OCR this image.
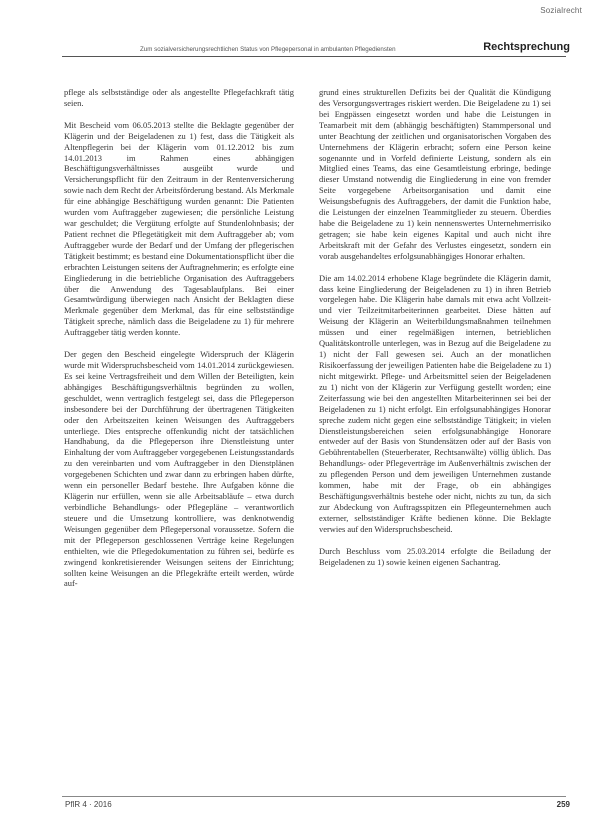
Sozialrecht
Zum sozialversicherungsrechtlichen Status von Pflegepersonal in ambulanten Pflegediensten	Rechtsprechung

pflege als selbstständige oder als angestellte Pflegefachkraft tätig seien.

Mit Bescheid vom 06.05.2013 stellte die Beklagte gegenüber der Klägerin und der Beigeladenen zu 1) fest, dass die Tätigkeit als Altenpflegerin bei der Klägerin vom 01.12.2012 bis zum 14.01.2013 im Rahmen eines abhängigen Beschäftigungsverhältnisses ausgeübt wurde und Versicherungspflicht für den Zeitraum in der Rentenversicherung sowie nach dem Recht der Arbeitsförderung bestand. Als Merkmale für eine abhängige Beschäftigung wurden genannt: Die Patienten wurden vom Auftraggeber zugewiesen; die persönliche Leistung war geschuldet; die Vergütung erfolgte auf Stundenlohnbasis; der Patient rechnet die Pflegetätigkeit mit dem Auftraggeber ab; vom Auftraggeber wurde der Bedarf und der Umfang der pflegerischen Tätigkeit bestimmt; es bestand eine Dokumentationspflicht über die erbrachten Leistungen seitens der Auftragnehmerin; es erfolgte eine Eingliederung in die betriebliche Organisation des Auftraggebers über die Anwendung des Tagesablaufplans. Bei einer Gesamtwürdigung überwiegen nach Ansicht der Beklagten diese Merkmale gegenüber dem Merkmal, das für eine selbstständige Tätigkeit spreche, nämlich dass die Beigeladene zu 1) für mehrere Auftraggeber tätig werden konnte.

Der gegen den Bescheid eingelegte Widerspruch der Klägerin wurde mit Widerspruchsbescheid vom 14.01.2014 zurückgewiesen. Es sei keine Vertragsfreiheit und dem Willen der Beteiligten, kein abhängiges Beschäftigungsverhältnis begründen zu wollen, geschuldet, wenn vertraglich festgelegt sei, dass die Pflegeperson insbesondere bei der Durchführung der übertragenen Tätigkeiten oder den Arbeitszeiten keinen Weisungen des Auftraggebers unterliege. Dies entspreche offenkundig nicht der tatsächlichen Handhabung, da die Pflegeperson ihre Dienstleistung unter Einhaltung der vom Auftraggeber vorgegebenen Leistungsstandards zu den vereinbarten und vom Auftraggeber in den Dienstplänen vorgegebenen Schichten und zwar dann zu erbringen haben dürfte, wenn ein personeller Bedarf bestehe. Ihre Aufgaben könne die Klägerin nur erfüllen, wenn sie alle Arbeitsabläufe – etwa durch verbindliche Behandlungs- oder Pflegepläne – verantwortlich steuere und die Umsetzung kontrolliere, was denknotwendig Weisungen gegenüber dem Pflegepersonal voraussetze. Sofern die mit der Pflegeperson geschlossenen Verträge keine Regelungen enthielten, wie die Pflegedokumentation zu führen sei, bedürfe es zwingend konkretisierender Weisungen seitens der Einrichtung; sollten keine Weisungen an die Pflegekräfte erteilt werden, würde auf-

grund eines strukturellen Defizits bei der Qualität die Kündigung des Versorgungsvertrages riskiert werden. Die Beigeladene zu 1) sei bei Engpässen eingesetzt worden und habe die Leistungen in Teamarbeit mit dem (abhängig beschäftigten) Stammpersonal und unter Beachtung der zeitlichen und organisatorischen Vorgaben des Unternehmens der Klägerin erbracht; sofern eine Person keine sogenannte und in Vorfeld definierte Leistung, sondern als ein Mitglied eines Teams, das eine Gesamtleistung erbringe, bedinge dieser Umstand notwendig die Eingliederung in eine von fremder Seite vorgegebene Arbeitsorganisation und damit eine Weisungsbefugnis des Auftraggebers, der damit die Funktion habe, die Leistungen der einzelnen Teammitglieder zu steuern. Überdies habe die Beigeladene zu 1) kein nennenswertes Unternehmerrisiko getragen; sie habe kein eigenes Kapital und auch nicht ihre Arbeitskraft mit der Gefahr des Verlustes eingesetzt, sondern ein vorab ausgehandeltes erfolgsunabhängiges Honorar erhalten.

Die am 14.02.2014 erhobene Klage begründete die Klägerin damit, dass keine Eingliederung der Beigeladenen zu 1) in ihren Betrieb vorgelegen habe. Die Klägerin habe damals mit etwa acht Vollzeit- und vier Teilzeitmitarbeiterinnen gearbeitet. Diese hätten auf Weisung der Klägerin an Weiterbildungsmaßnahmen teilnehmen müssen und einer regelmäßigen internen, betrieblichen Qualitätskontrolle unterlegen, was in Bezug auf die Beigeladene zu 1) nicht der Fall gewesen sei. Auch an der monatlichen Risikoerfassung der jeweiligen Patienten habe die Beigeladene zu 1) nicht mitgewirkt. Pflege- und Arbeitsmittel seien der Beigeladenen zu 1) nicht von der Klägerin zur Verfügung gestellt worden; eine Zeiterfassung wie bei den angestellten Mitarbeiterinnen sei bei der Beigeladenen zu 1) nicht erfolgt. Ein erfolgsunabhängiges Honorar spreche zudem nicht gegen eine selbstständige Tätigkeit; in vielen Dienstleistungsbereichen seien erfolgsunabhängige Honorare entweder auf der Basis von Stundensätzen oder auf der Basis von Gebührentabellen (Steuerberater, Rechtsanwälte) völlig üblich. Das Behandlungs- oder Pflegeverträge im Außenverhältnis zwischen der zu pflegenden Person und dem jeweiligen Unternehmen zustande kommen, habe mit der Frage, ob ein abhängiges Beschäftigungsverhältnis bestehe oder nicht, nichts zu tun, da sich zur Abdeckung von Auftragsspitzen ein Pflegeunternehmen auch externer, selbstständiger Kräfte bedienen könne. Die Beklagte verwies auf den Widerspruchsbescheid.

Durch Beschluss vom 25.03.2014 erfolgte die Beiladung der Beigeladenen zu 1) sowie keinen eigenen Sachantrag.

PflR 4 · 2016	259
